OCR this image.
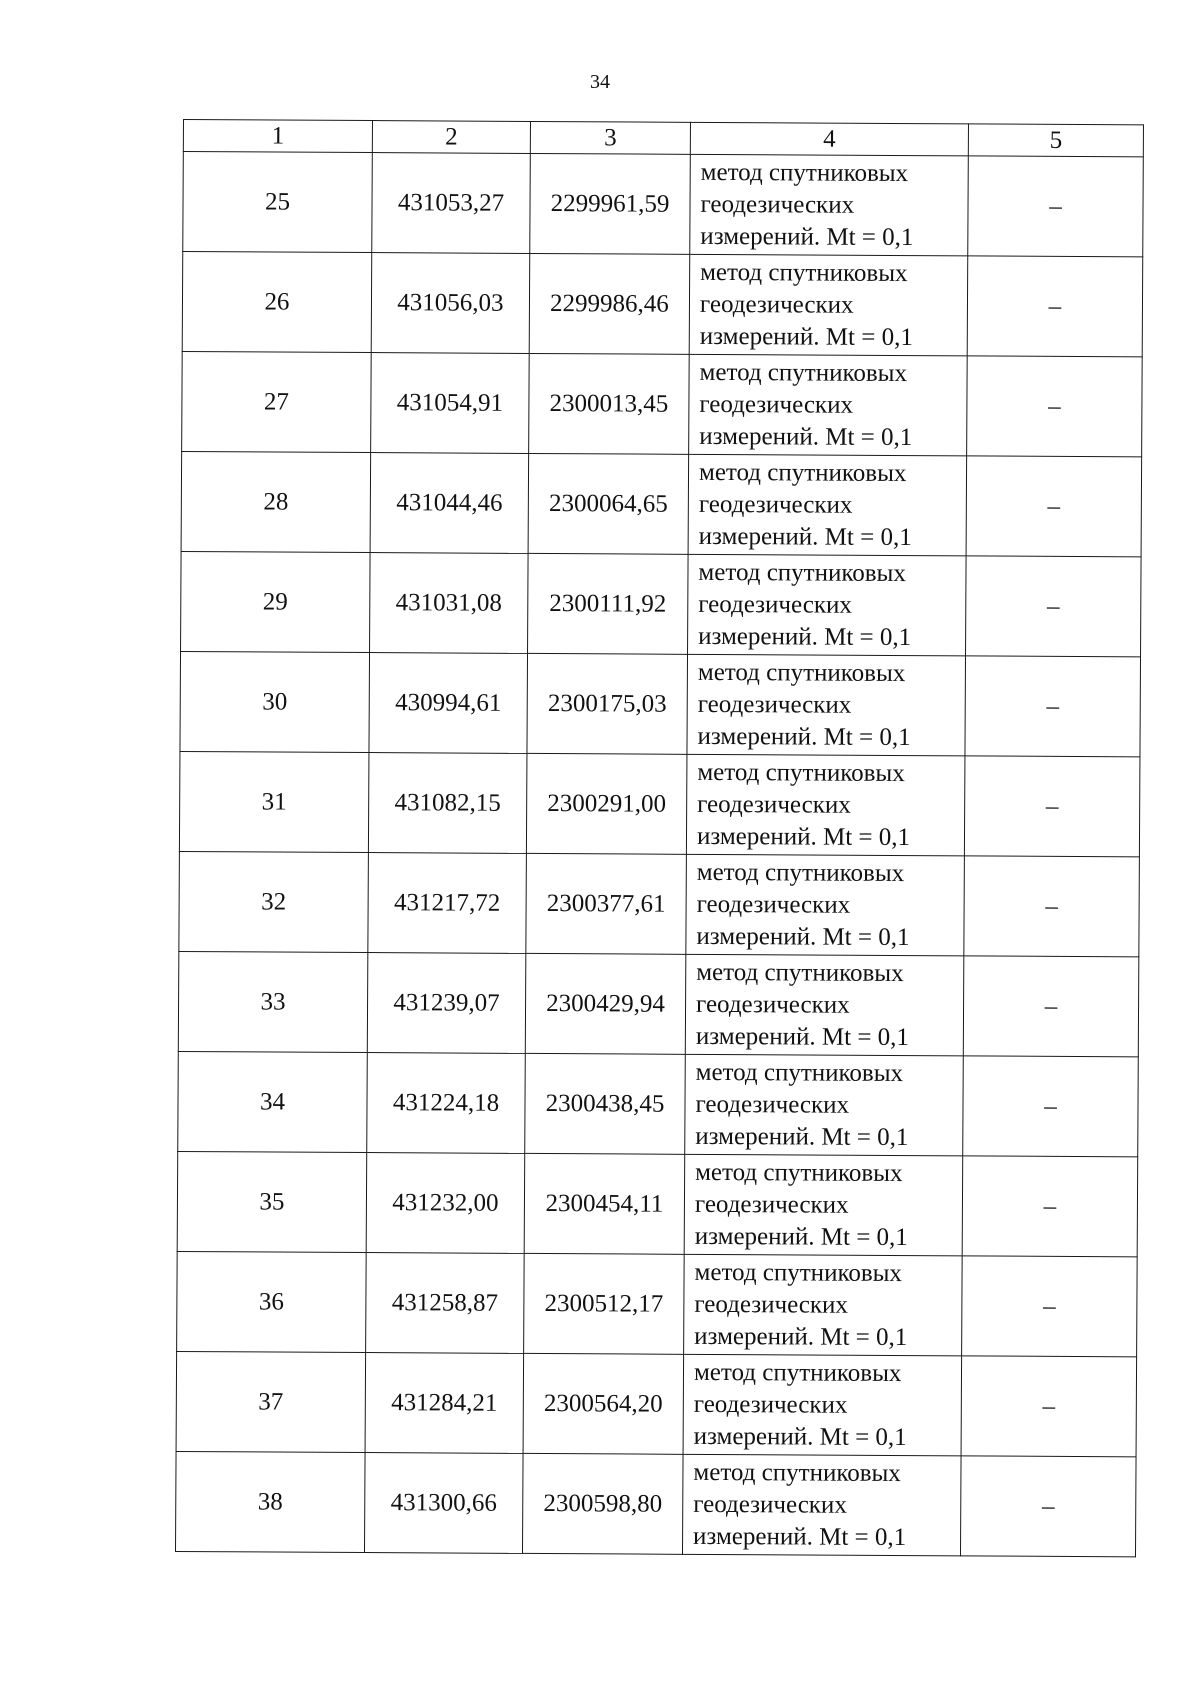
34
1	2	3	4	5
25	431053,27	2299961,59	метод спутниковых
геодезических
измерений. Mt = 0,1	–
26	431056,03	2299986,46	метод спутниковых
геодезических
измерений. Mt = 0,1	–
27	431054,91	2300013,45	метод спутниковых
геодезических
измерений. Mt = 0,1	–
28	431044,46	2300064,65	метод спутниковых
геодезических
измерений. Mt = 0,1	–
29	431031,08	2300111,92	метод спутниковых
геодезических
измерений. Mt = 0,1	–
30	430994,61	2300175,03	метод спутниковых
геодезических
измерений. Mt = 0,1	–
31	431082,15	2300291,00	метод спутниковых
геодезических
измерений. Mt = 0,1	–
32	431217,72	2300377,61	метод спутниковых
геодезических
измерений. Mt = 0,1	–
33	431239,07	2300429,94	метод спутниковых
геодезических
измерений. Mt = 0,1	–
34	431224,18	2300438,45	метод спутниковых
геодезических
измерений. Mt = 0,1	–
35	431232,00	2300454,11	метод спутниковых
геодезических
измерений. Mt = 0,1	–
36	431258,87	2300512,17	метод спутниковых
геодезических
измерений. Mt = 0,1	–
37	431284,21	2300564,20	метод спутниковых
геодезических
измерений. Mt = 0,1	–
38	431300,66	2300598,80	метод спутниковых
геодезических
измерений. Mt = 0,1	–
